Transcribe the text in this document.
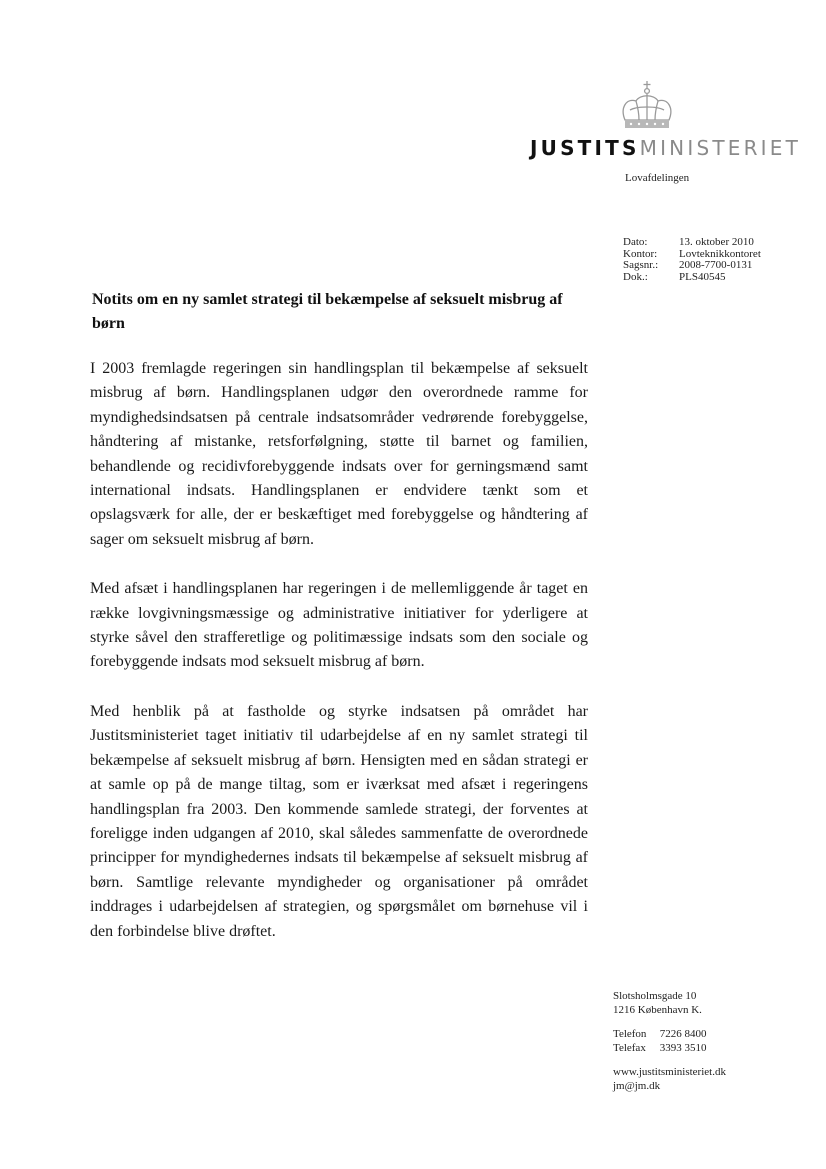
JUSTITSMINISTERIET
Lovafdelingen
Dato:	13. oktober 2010
Kontor:	Lovteknikkontoret
Sagsnr.:	2008-7700-0131
Dok.:	PLS40545
Notits om en ny samlet strategi til bekæmpelse af seksuelt misbrug af børn

I 2003 fremlagde regeringen sin handlingsplan til bekæmpelse af seksuelt misbrug af børn. Handlingsplanen udgør den overordnede ramme for myndighedsindsatsen på centrale indsatsområder vedrørende forebyggelse, håndtering af mistanke, retsforfølgning, støtte til barnet og familien, behandlende og recidivforebyggende indsats over for gerningsmænd samt international indsats. Handlingsplanen er endvidere tænkt som et opslagsværk for alle, der er beskæftiget med forebyggelse og håndtering af sager om seksuelt misbrug af børn.

Med afsæt i handlingsplanen har regeringen i de mellemliggende år taget en række lovgivningsmæssige og administrative initiativer for yderligere at styrke såvel den strafferetlige og politimæssige indsats som den sociale og forebyggende indsats mod seksuelt misbrug af børn.

Med henblik på at fastholde og styrke indsatsen på området har Justitsministeriet taget initiativ til udarbejdelse af en ny samlet strategi til bekæmpelse af seksuelt misbrug af børn. Hensigten med en sådan strategi er at samle op på de mange tiltag, som er iværksat med afsæt i regeringens handlingsplan fra 2003. Den kommende samlede strategi, der forventes at foreligge inden udgangen af 2010, skal således sammenfatte de overordnede principper for myndighedernes indsats til bekæmpelse af seksuelt misbrug af børn. Samtlige relevante myndigheder og organisationer på området inddrages i udarbejdelsen af strategien, og spørgsmålet om børnehuse vil i den forbindelse blive drøftet.

Slotsholmsgade 10
1216 København K.
Telefon 7226 8400
Telefax 3393 3510
www.justitsministeriet.dk
jm@jm.dk
